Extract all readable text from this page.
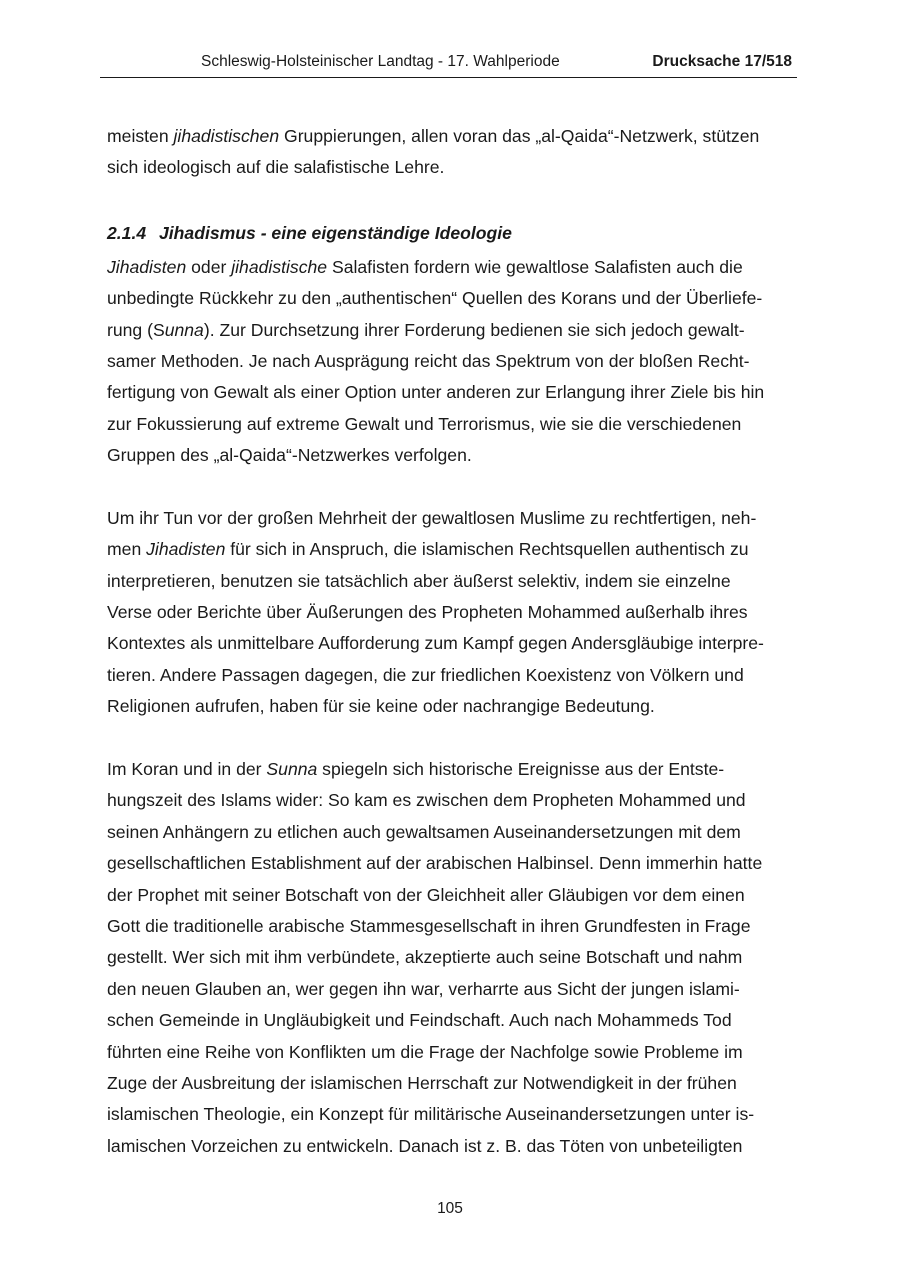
Schleswig-Holsteinischer Landtag - 17. Wahlperiode	Drucksache 17/518
meisten jihadistischen Gruppierungen, allen voran das „al-Qaida“-Netzwerk, stützen
sich ideologisch auf die salafistische Lehre.
2.1.4 Jihadismus - eine eigenständige Ideologie
Jihadisten oder jihadistische Salafisten fordern wie gewaltlose Salafisten auch die
unbedingte Rückkehr zu den „authentischen“ Quellen des Korans und der Überliefe-
rung (Sunna). Zur Durchsetzung ihrer Forderung bedienen sie sich jedoch gewalt-
samer Methoden. Je nach Ausprägung reicht das Spektrum von der bloßen Recht-
fertigung von Gewalt als einer Option unter anderen zur Erlangung ihrer Ziele bis hin
zur Fokussierung auf extreme Gewalt und Terrorismus, wie sie die verschiedenen
Gruppen des „al-Qaida“-Netzwerkes verfolgen.
Um ihr Tun vor der großen Mehrheit der gewaltlosen Muslime zu rechtfertigen, neh-
men Jihadisten für sich in Anspruch, die islamischen Rechtsquellen authentisch zu
interpretieren, benutzen sie tatsächlich aber äußerst selektiv, indem sie einzelne
Verse oder Berichte über Äußerungen des Propheten Mohammed außerhalb ihres
Kontextes als unmittelbare Aufforderung zum Kampf gegen Andersgläubige interpre-
tieren. Andere Passagen dagegen, die zur friedlichen Koexistenz von Völkern und
Religionen aufrufen, haben für sie keine oder nachrangige Bedeutung.
Im Koran und in der Sunna spiegeln sich historische Ereignisse aus der Entste-
hungszeit des Islams wider: So kam es zwischen dem Propheten Mohammed und
seinen Anhängern zu etlichen auch gewaltsamen Auseinandersetzungen mit dem
gesellschaftlichen Establishment auf der arabischen Halbinsel. Denn immerhin hatte
der Prophet mit seiner Botschaft von der Gleichheit aller Gläubigen vor dem einen
Gott die traditionelle arabische Stammesgesellschaft in ihren Grundfesten in Frage
gestellt. Wer sich mit ihm verbündete, akzeptierte auch seine Botschaft und nahm
den neuen Glauben an, wer gegen ihn war, verharrte aus Sicht der jungen islami-
schen Gemeinde in Ungläubigkeit und Feindschaft. Auch nach Mohammeds Tod
führten eine Reihe von Konflikten um die Frage der Nachfolge sowie Probleme im
Zuge der Ausbreitung der islamischen Herrschaft zur Notwendigkeit in der frühen
islamischen Theologie, ein Konzept für militärische Auseinandersetzungen unter is-
lamischen Vorzeichen zu entwickeln. Danach ist z. B. das Töten von unbeteiligten
105
